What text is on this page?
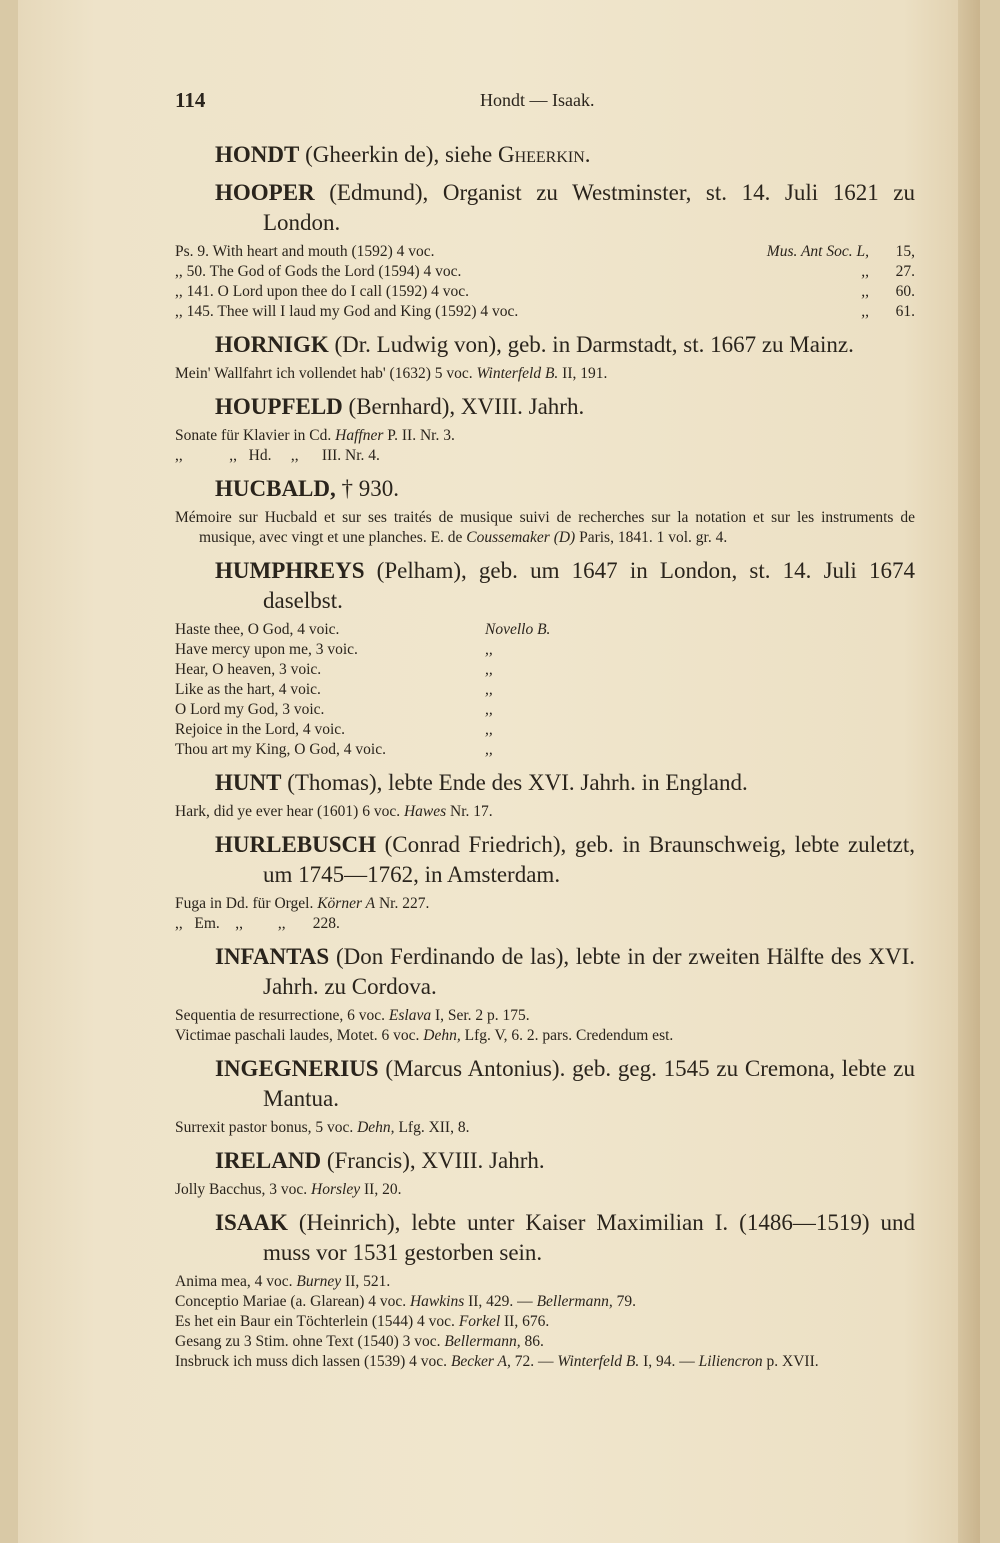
114	Hondt — Isaak.

HONDT (Gheerkin de), siehe Gheerkin.

HOOPER (Edmund), Organist zu Westminster, st. 14. Juli 1621 zu London.

Ps. 9. With heart and mouth (1592) 4 voc.	Mus. Ant Soc. L,	15,
,, 50. The God of Gods the Lord (1594) 4 voc.	,,	27.
,, 141. O Lord upon thee do I call (1592) 4 voc.	,,	60.
,, 145. Thee will I laud my God and King (1592) 4 voc.	,,	61.

HORNIGK (Dr. Ludwig von), geb. in Darmstadt, st. 1667 zu Mainz.

Mein' Wallfahrt ich vollendet hab' (1632) 5 voc. Winterfeld B. II, 191.

HOUPFELD (Bernhard), XVIII. Jahrh.

Sonate für Klavier in Cd. Haffner P. II. Nr. 3.
,,            ,,   Hd.     ,,      III. Nr. 4.

HUCBALD, † 930.

Mémoire sur Hucbald et sur ses traités de musique suivi de recherches sur la notation et sur les instruments de musique, avec vingt et une planches. E. de Coussemaker (D) Paris, 1841. 1 vol. gr. 4.

HUMPHREYS (Pelham), geb. um 1647 in London, st. 14. Juli 1674 daselbst.

Haste thee, O God, 4 voic.	Novello B.
Have mercy upon me, 3 voic.	,,
Hear, O heaven, 3 voic.	,,
Like as the hart, 4 voic.	,,
O Lord my God, 3 voic.	,,
Rejoice in the Lord, 4 voic.	,,
Thou art my King, O God, 4 voic.	,,

HUNT (Thomas), lebte Ende des XVI. Jahrh. in England.

Hark, did ye ever hear (1601) 6 voc. Hawes Nr. 17.

HURLEBUSCH (Conrad Friedrich), geb. in Braunschweig, lebte zuletzt, um 1745—1762, in Amsterdam.

Fuga in Dd. für Orgel. Körner A Nr. 227.
,,   Em.    ,,         ,,       228.

INFANTAS (Don Ferdinando de las), lebte in der zweiten Hälfte des XVI. Jahrh. zu Cordova.

Sequentia de resurrectione, 6 voc. Eslava I, Ser. 2 p. 175.
Victimae paschali laudes, Motet. 6 voc. Dehn, Lfg. V, 6. 2. pars. Credendum est.

INGEGNERIUS (Marcus Antonius). geb. geg. 1545 zu Cremona, lebte zu Mantua.

Surrexit pastor bonus, 5 voc. Dehn, Lfg. XII, 8.

IRELAND (Francis), XVIII. Jahrh.

Jolly Bacchus, 3 voc. Horsley II, 20.

ISAAK (Heinrich), lebte unter Kaiser Maximilian I. (1486—1519) und muss vor 1531 gestorben sein.

Anima mea, 4 voc. Burney II, 521.
Conceptio Mariae (a. Glarean) 4 voc. Hawkins II, 429. — Bellermann, 79.
Es het ein Baur ein Töchterlein (1544) 4 voc. Forkel II, 676.
Gesang zu 3 Stim. ohne Text (1540) 3 voc. Bellermann, 86.
Insbruck ich muss dich lassen (1539) 4 voc. Becker A, 72. — Winterfeld B. I, 94. — Liliencron p. XVII.
